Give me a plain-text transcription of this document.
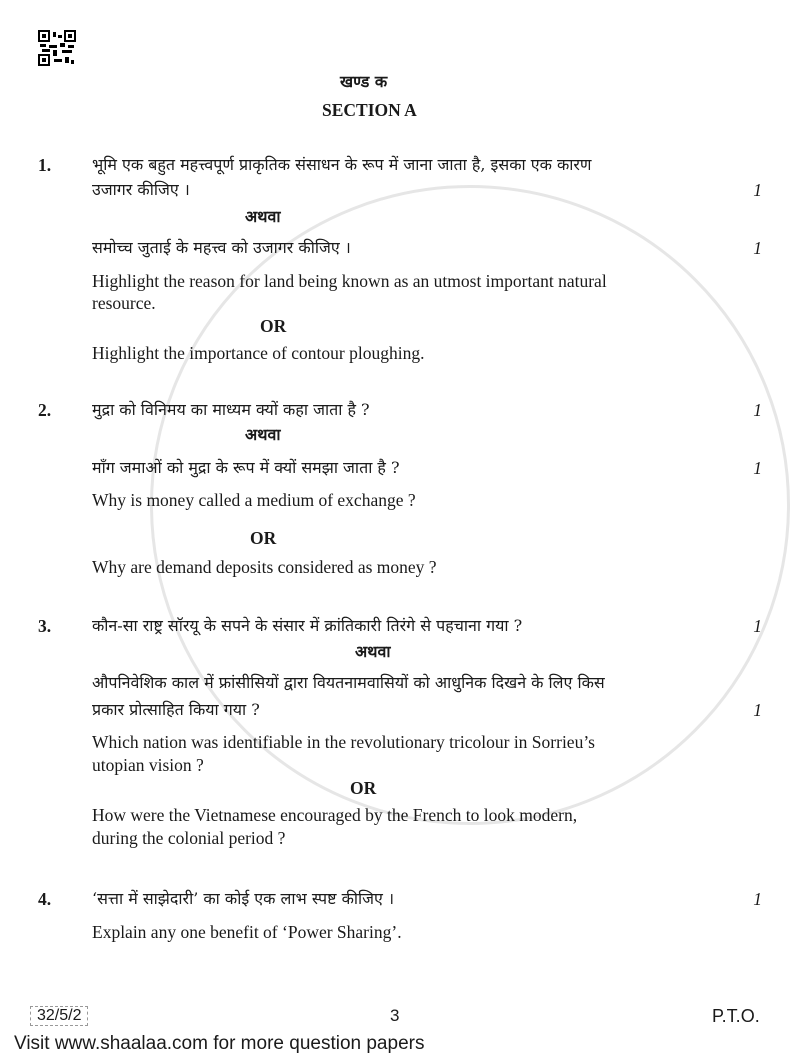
खण्ड क
SECTION A
1.	भूमि एक बहुत महत्त्वपूर्ण प्राकृतिक संसाधन के रूप में जाना जाता है, इसका एक कारण
उजागर कीजिए ।	1
अथवा
समोच्च जुताई के महत्त्व को उजागर कीजिए ।	1
Highlight the reason for land being known as an utmost important natural
resource.
OR
Highlight the importance of contour ploughing.
2.	मुद्रा को विनिमय का माध्यम क्यों कहा जाता है ?	1
अथवा
माँग जमाओं को मुद्रा के रूप में क्यों समझा जाता है ?	1
Why is money called a medium of exchange ?
OR
Why are demand deposits considered as money ?
3.	कौन-सा राष्ट्र सॉरयू के सपने के संसार में क्रांतिकारी तिरंगे से पहचाना गया ?	1
अथवा
औपनिवेशिक काल में फ्रांसीसियों द्वारा वियतनामवासियों को आधुनिक दिखने के लिए किस
प्रकार प्रोत्साहित किया गया ?	1
Which nation was identifiable in the revolutionary tricolour in Sorrieu’s
utopian vision ?
OR
How were the Vietnamese encouraged by the French to look modern,
during the colonial period ?
4.	‘सत्ता में साझेदारी’ का कोई एक लाभ स्पष्ट कीजिए ।	1
Explain any one benefit of ‘Power Sharing’.
32/5/2	3	P.T.O.
Visit www.shaalaa.com for more question papers
